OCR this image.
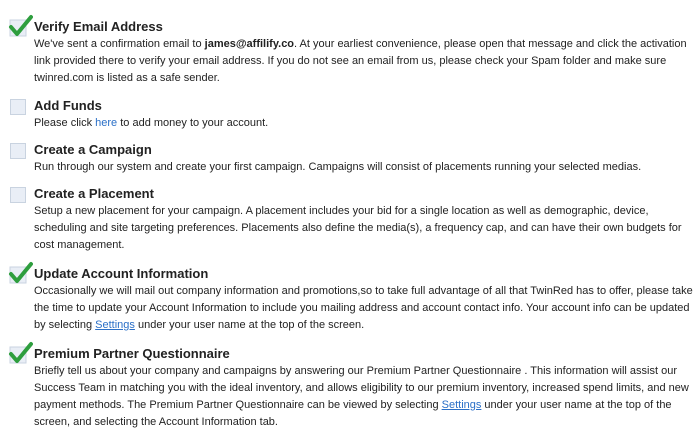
Verify Email Address
We've sent a confirmation email to james@affilify.co. At your earliest convenience, please open that message and click the activation link provided there to verify your email address. If you do not see an email from us, please check your Spam folder and make sure twinred.com is listed as a safe sender.
Add Funds
Please click here to add money to your account.
Create a Campaign
Run through our system and create your first campaign. Campaigns will consist of placements running your selected medias.
Create a Placement
Setup a new placement for your campaign. A placement includes your bid for a single location as well as demographic, device, scheduling and site targeting preferences. Placements also define the media(s), a frequency cap, and can have their own budgets for cost management.
Update Account Information
Occasionally we will mail out company information and promotions,so to take full advantage of all that TwinRed has to offer, please take the time to update your Account Information to include you mailing address and account contact info. Your account info can be updated by selecting Settings under your user name at the top of the screen.
Premium Partner Questionnaire
Briefly tell us about your company and campaigns by answering our Premium Partner Questionnaire . This information will assist our Success Team in matching you with the ideal inventory, and allows eligibility to our premium inventory, increased spend limits, and new payment methods. The Premium Partner Questionnaire can be viewed by selecting Settings under your user name at the top of the screen, and selecting the Account Information tab.
